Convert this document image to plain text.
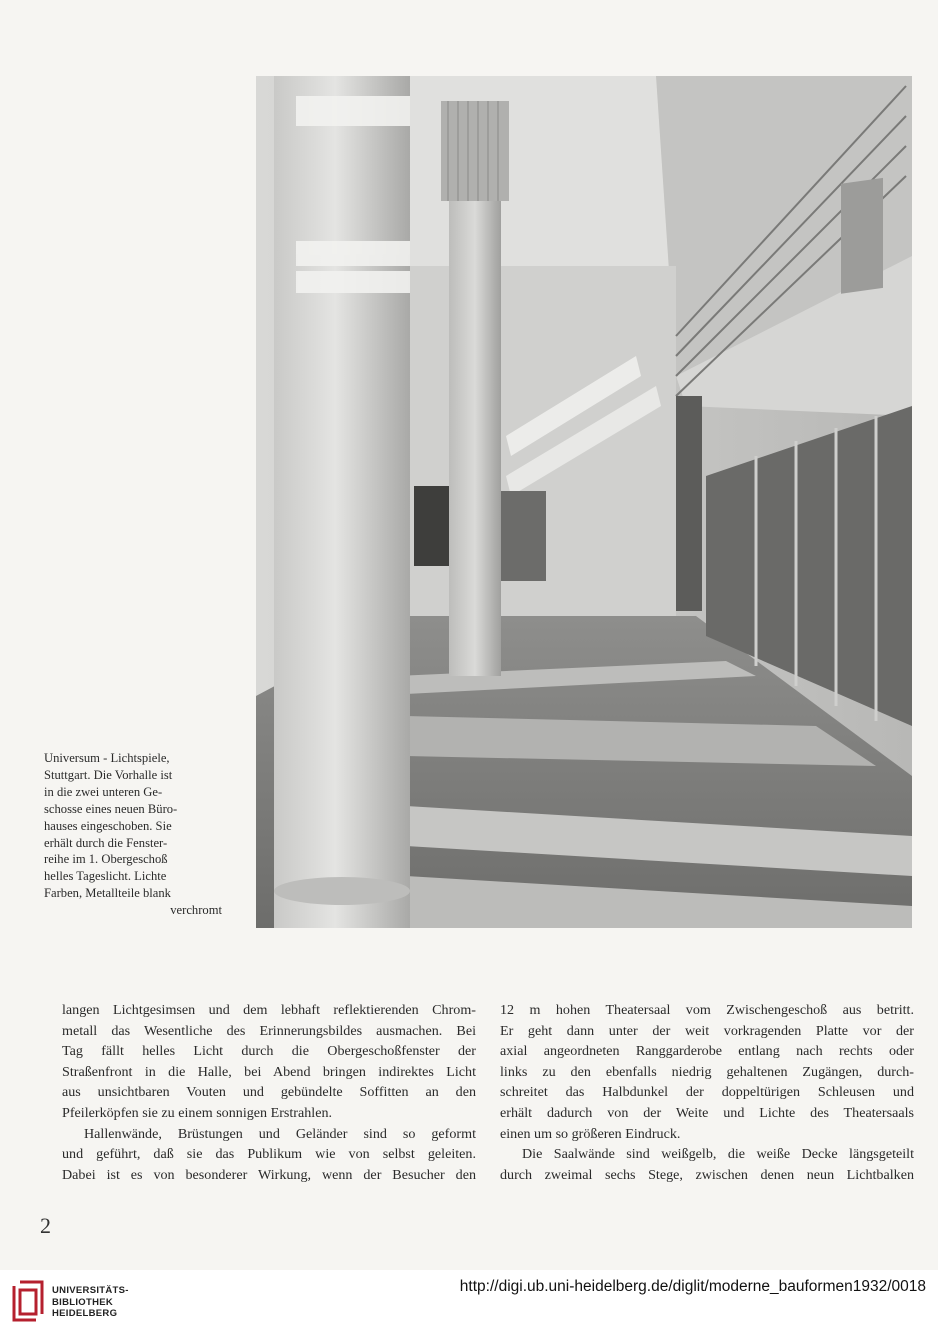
Universum - Lichtspiele,
Stuttgart. Die Vorhalle ist
in die zwei unteren Ge-
schosse eines neuen Büro-
hauses eingeschoben. Sie
erhält durch die Fenster-
reihe im 1. Obergeschoß
helles Tageslicht. Lichte
Farben, Metallteile blank
verchromt
langen Lichtgesimsen und dem lebhaft reflektierenden Chrom-
metall das Wesentliche des Erinnerungsbildes ausmachen. Bei
Tag fällt helles Licht durch die Obergeschoßfenster der
Straßenfront in die Halle, bei Abend bringen indirektes Licht
aus unsichtbaren Vouten und gebündelte Soffitten an den
Pfeilerköpfen sie zu einem sonnigen Erstrahlen.
Hallenwände, Brüstungen und Geländer sind so geformt
und geführt, daß sie das Publikum wie von selbst geleiten.
Dabei ist es von besonderer Wirkung, wenn der Besucher den
12 m hohen Theatersaal vom Zwischengeschoß aus betritt.
Er geht dann unter der weit vorkragenden Platte vor der
axial angeordneten Ranggarderobe entlang nach rechts oder
links zu den ebenfalls niedrig gehaltenen Zugängen, durch-
schreitet das Halbdunkel der doppeltürigen Schleusen und
erhält dadurch von der Weite und Lichte des Theatersaals
einen um so größeren Eindruck.
Die Saalwände sind weißgelb, die weiße Decke längsgeteilt
durch zweimal sechs Stege, zwischen denen neun Lichtbalken
2
UNIVERSITÄTS-
BIBLIOTHEK
HEIDELBERG
http://digi.ub.uni-heidelberg.de/diglit/moderne_bauformen1932/0018
